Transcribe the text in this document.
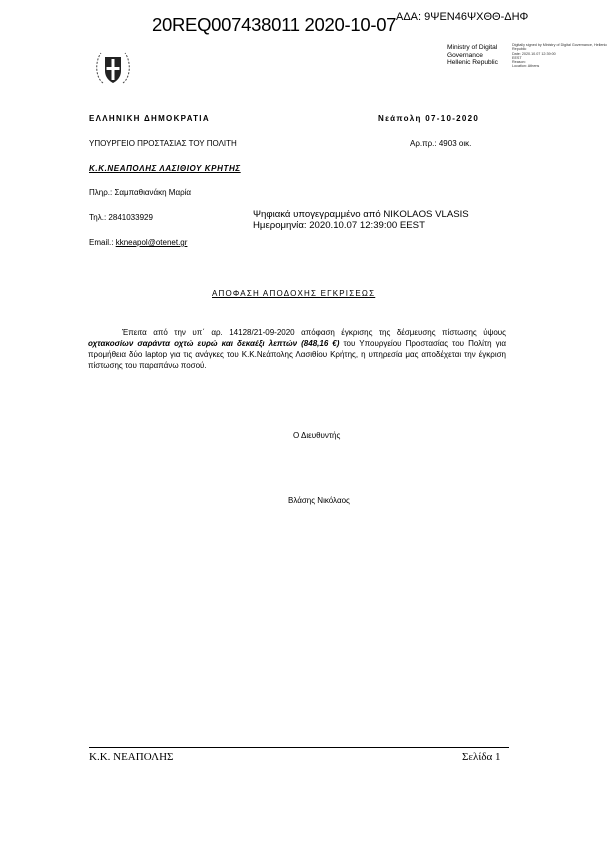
20REQ007438011 2020-10-07 ΑΔΑ: 9ΨΕΝ46ΨΧΘΘ-ΔΗΦ
Ministry of Digital
Governance
Hellenic Republic
Digitally signed by Ministry of Digital Governance, Hellenic
Republic
Date: 2020.10.07 12:39:00
EEST
Reason:
Location: Athens
ΕΛΛΗΝΙΚΗ ΔΗΜΟΚΡΑΤΙΑ	Νεάπολη 07-10-2020
ΥΠΟΥΡΓΕΙΟ ΠΡΟΣΤΑΣΙΑΣ ΤΟΥ ΠΟΛΙΤΗ	Αρ.πρ.: 4903 οικ.
Κ.Κ.ΝΕΑΠΟΛΗΣ ΛΑΣΙΘΙΟΥ ΚΡΗΤΗΣ
Πληρ.: Σαμπαθιανάκη Μαρία
Τηλ.: 2841033929	Ψηφιακά υπογεγραμμένο από NIKOLAOS VLASIS
Ημερομηνία: 2020.10.07 12:39:00 EEST
Email.: kkneapol@otenet.gr
ΑΠΟΦΑΣΗ ΑΠΟΔΟΧΗΣ ΕΓΚΡΙΣΕΩΣ
Έπειτα από την υπ΄ αρ. 14128/21-09-2020 απόφαση έγκρισης της δέσμευσης πίστωσης ύψους οχτακοσίων σαράντα οχτώ ευρώ και δεκαέξι λεπτών (848,16 €) του Υπουργείου Προστασίας του Πολίτη για προμήθεια δύο laptop για τις ανάγκες του Κ.Κ.Νεάπολης Λασιθίου Κρήτης, η υπηρεσία μας αποδέχεται την έγκριση πίστωσης του παραπάνω ποσού.
Ο Διευθυντής
Βλάσης Νικόλαος
Κ.Κ. ΝΕΑΠΟΛΗΣ	Σελίδα 1
